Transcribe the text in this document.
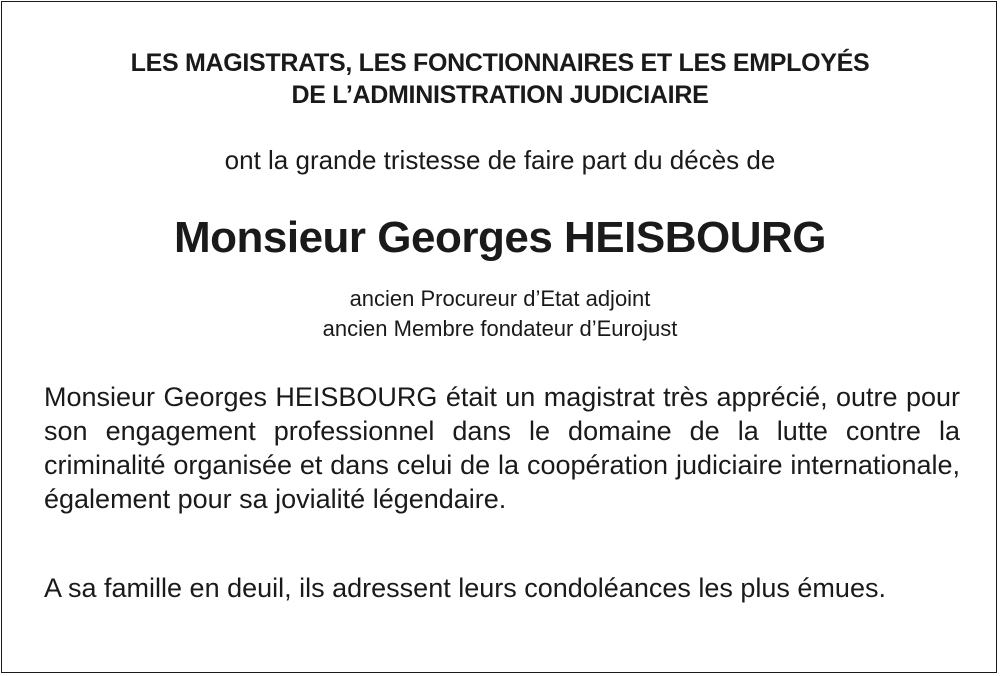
LES MAGISTRATS, LES FONCTIONNAIRES ET LES EMPLOYÉS
DE L’ADMINISTRATION JUDICIAIRE
ont la grande tristesse de faire part du décès de
Monsieur Georges HEISBOURG
ancien Procureur d’Etat adjoint
ancien Membre fondateur d’Eurojust

Monsieur Georges HEISBOURG était un magistrat très apprécié, outre pour son engagement professionnel dans le domaine de la lutte contre la criminalité organisée et dans celui de la coopération judiciaire internationale, également pour sa jovialité légendaire.

A sa famille en deuil, ils adressent leurs condoléances les plus émues.
